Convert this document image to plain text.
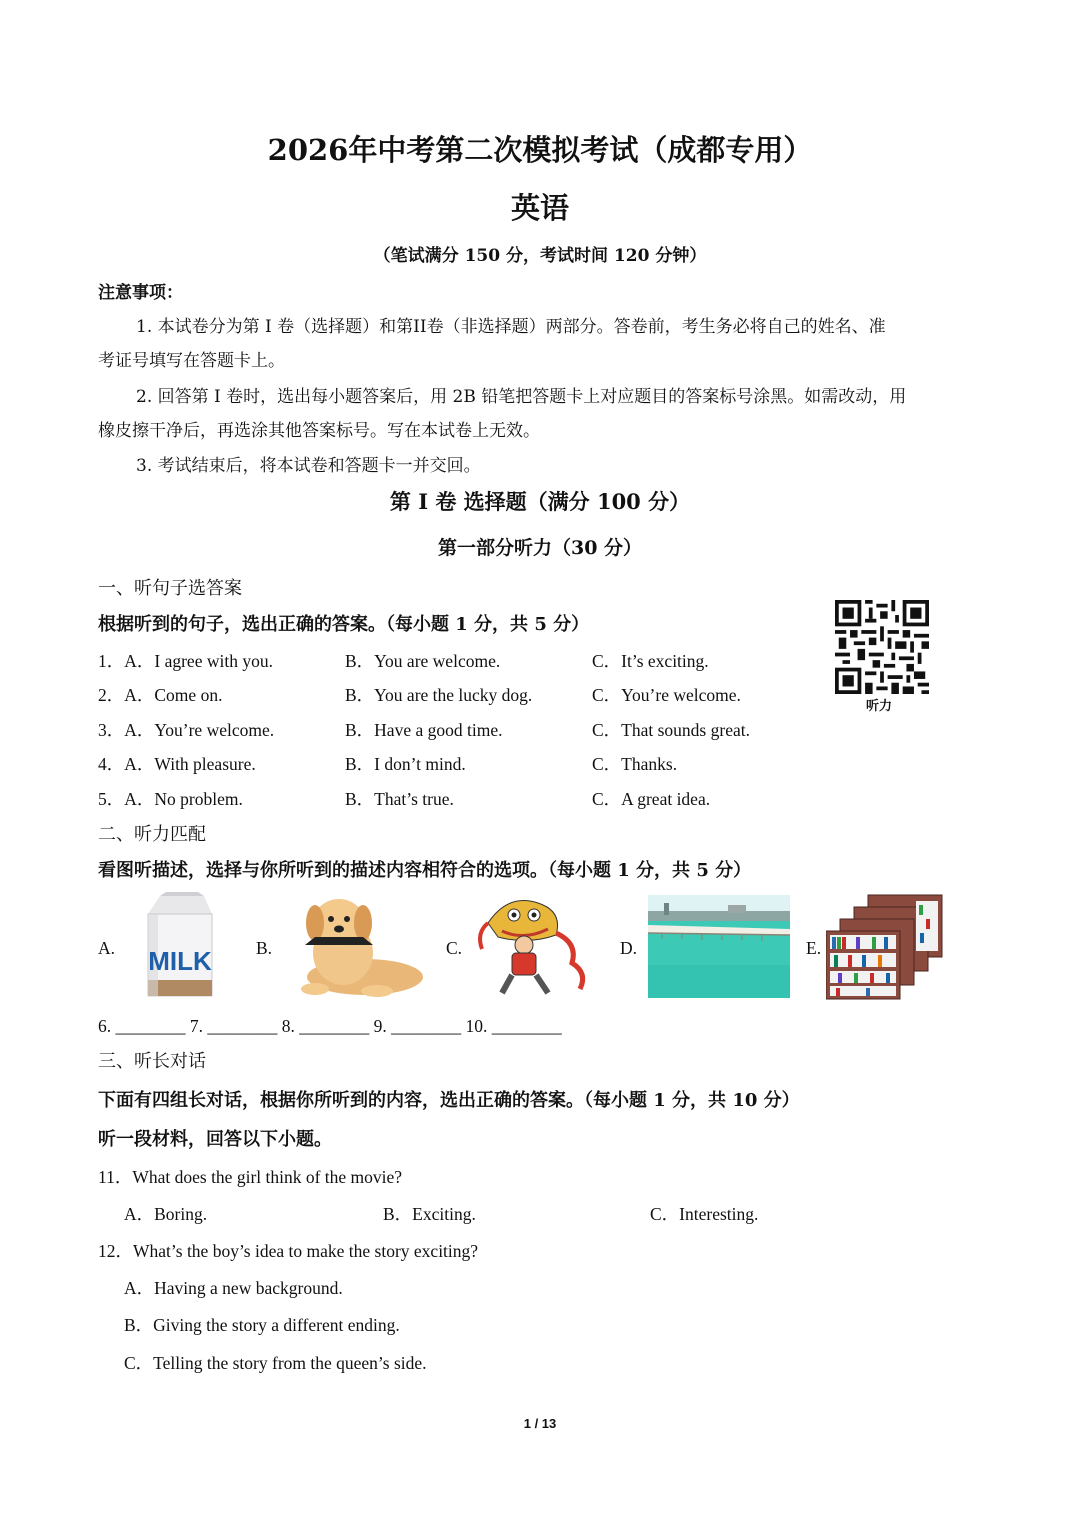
2026年中考第二次模拟考试（成都专用）
英语
（笔试满分 150 分，考试时间 120 分钟）
注意事项：
1. 本试卷分为第 I 卷（选择题）和第II卷（非选择题）两部分。答卷前，考生务必将自己的姓名、准
考证号填写在答题卡上。
2. 回答第 I 卷时，选出每小题答案后，用 2B 铅笔把答题卡上对应题目的答案标号涂黑。如需改动，用
橡皮擦干净后，再选涂其他答案标号。写在本试卷上无效。
3. 考试结束后，将本试卷和答题卡一并交回。
第 I 卷 选择题（满分 100 分）
第一部分听力（30 分）
一、听句子选答案
根据听到的句子，选出正确的答案。（每小题 1 分，共 5 分）
听力
1．A．I agree with you.	B．You are welcome.	C．It’s exciting.
2．A．Come on.	B．You are the lucky dog.	C．You’re welcome.
3．A．You’re welcome.	B．Have a good time.	C．That sounds great.
4．A．With pleasure.	B．I don’t mind.	C．Thanks.
5．A．No problem.	B．That’s true.	C．A great idea.
二、听力匹配
看图听描述，选择与你所听到的描述内容相符合的选项。（每小题 1 分，共 5 分）
A. MILK	B.	C.	D.	E.
6. ________ 7. ________ 8. ________ 9. ________ 10. ________
三、听长对话
下面有四组长对话，根据你所听到的内容，选出正确的答案。（每小题 1 分，共 10 分）
听一段材料，回答以下小题。
11．What does the girl think of the movie?
A．Boring.	B．Exciting.	C．Interesting.
12．What’s the boy’s idea to make the story exciting?
A．Having a new background.
B．Giving the story a different ending.
C．Telling the story from the queen’s side.
1 / 13
